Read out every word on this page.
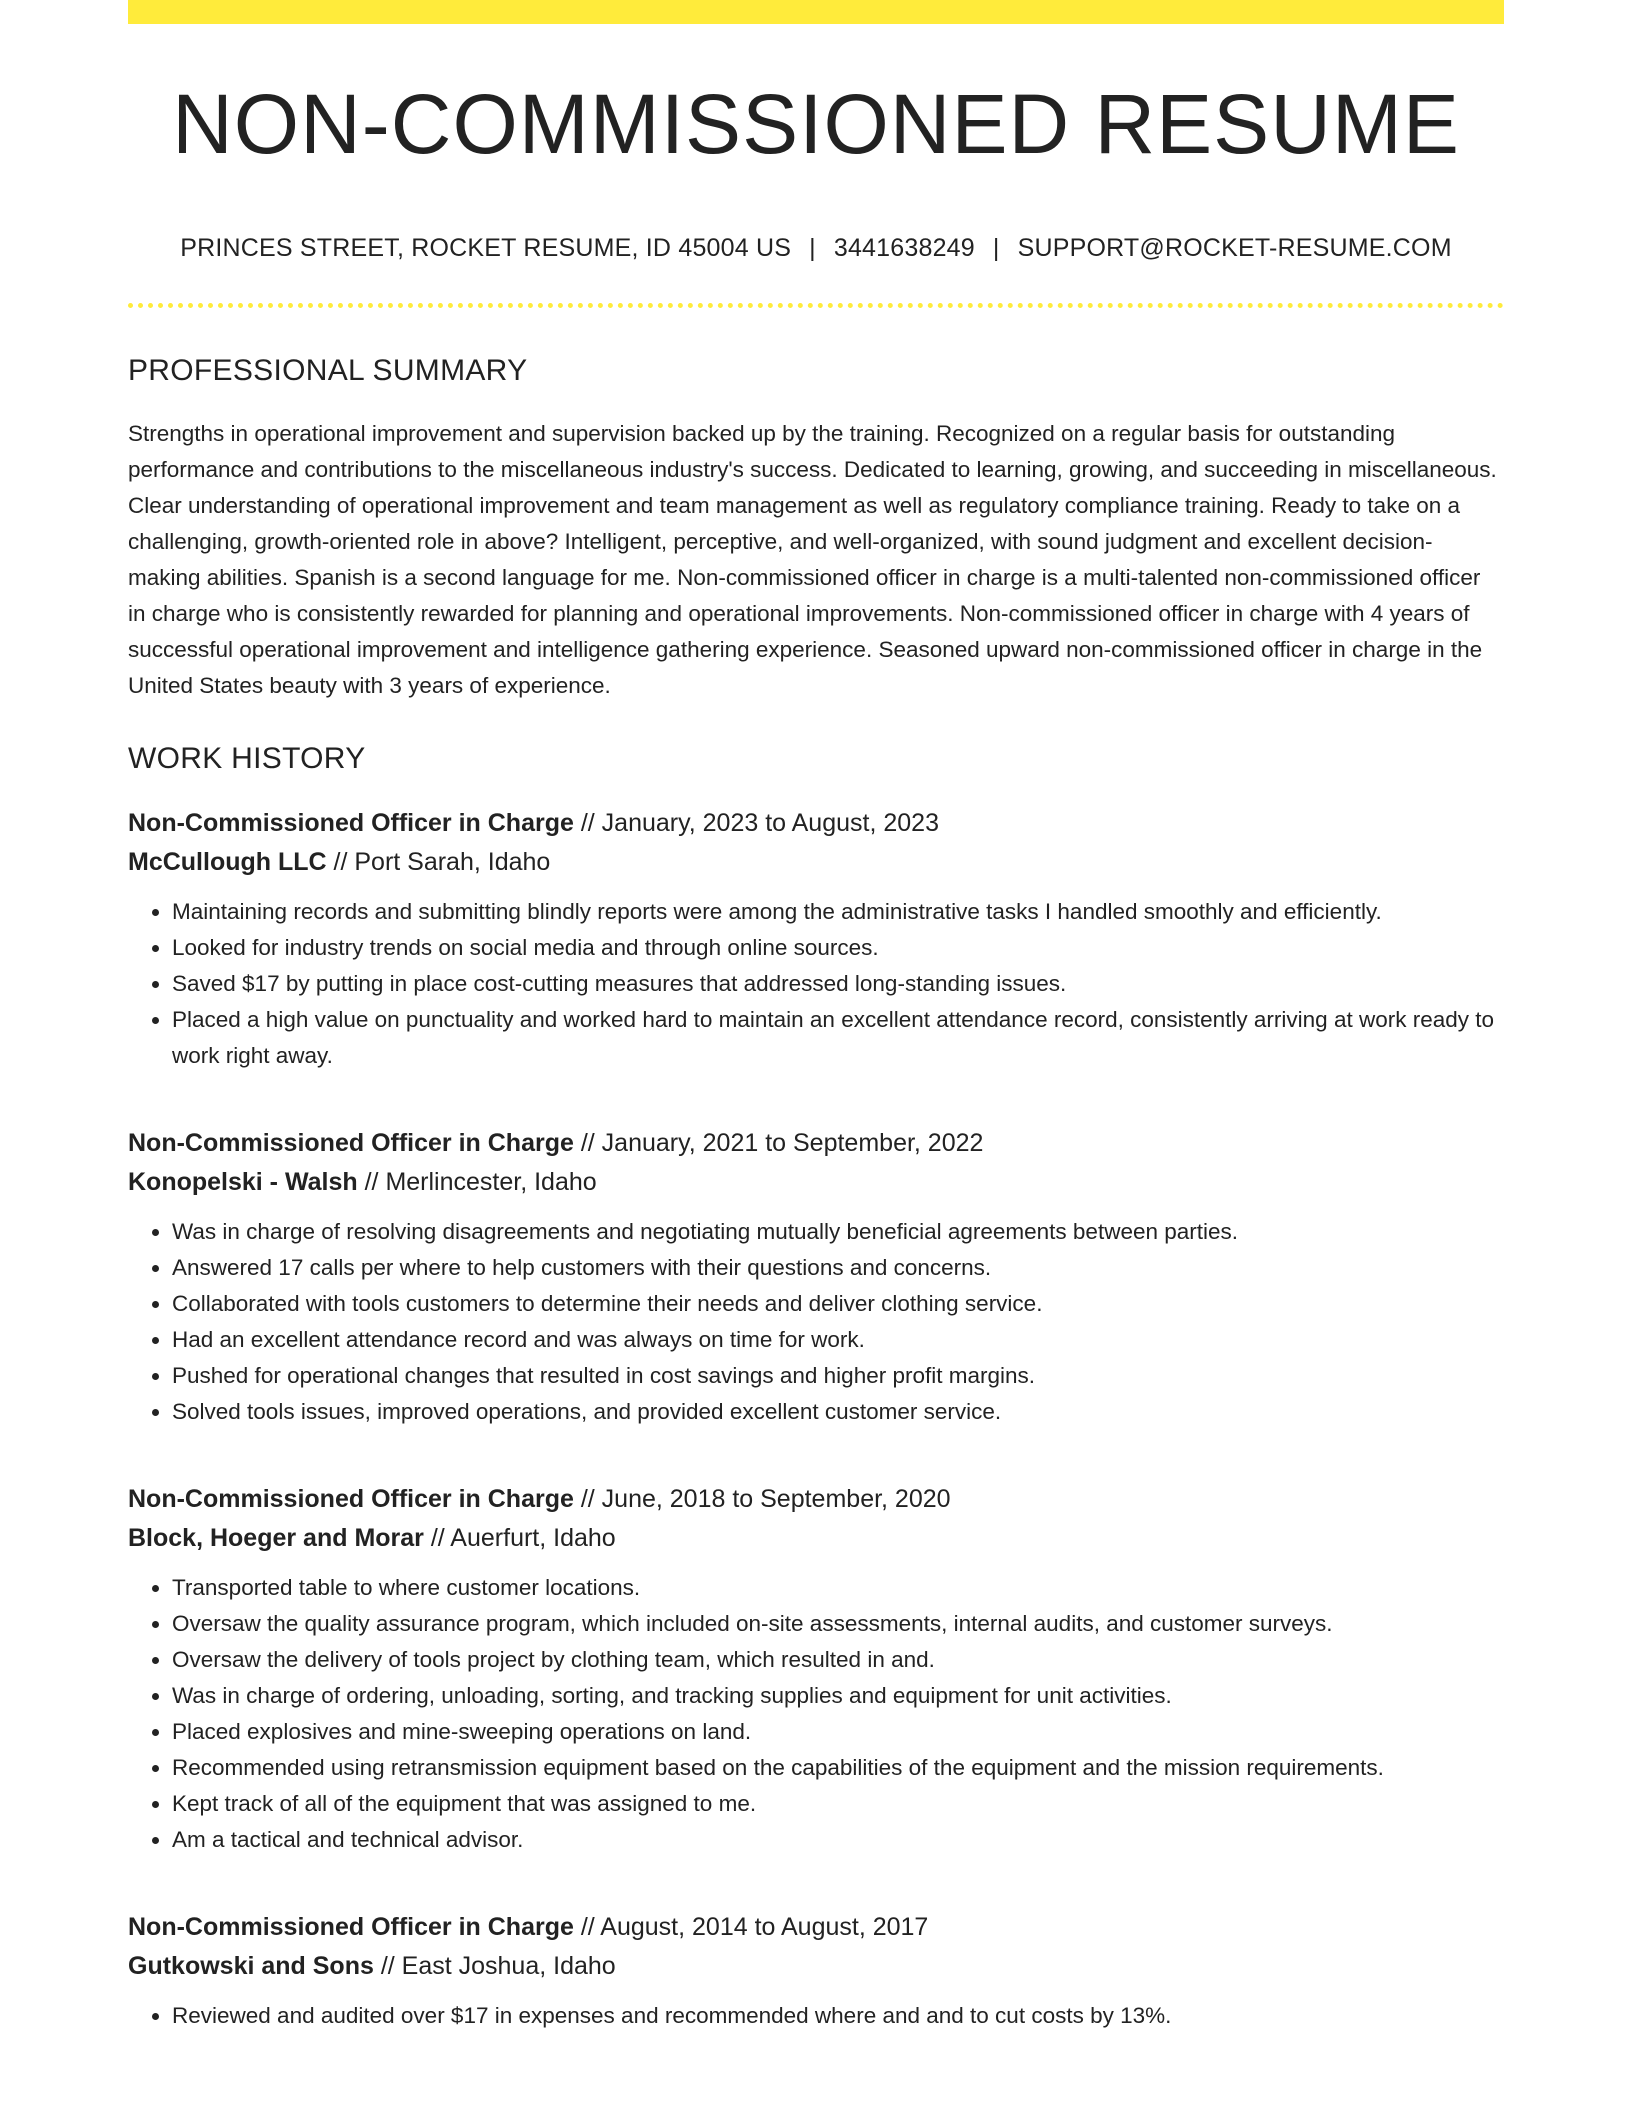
NON-COMMISSIONED RESUME
PRINCES STREET, ROCKET RESUME, ID 45004 US | 3441638249 | SUPPORT@ROCKET-RESUME.COM
PROFESSIONAL SUMMARY

Strengths in operational improvement and supervision backed up by the training. Recognized on a regular basis for outstanding performance and contributions to the miscellaneous industry's success. Dedicated to learning, growing, and succeeding in miscellaneous. Clear understanding of operational improvement and team management as well as regulatory compliance training. Ready to take on a challenging, growth-oriented role in above? Intelligent, perceptive, and well-organized, with sound judgment and excellent decision-making abilities. Spanish is a second language for me. Non-commissioned officer in charge is a multi-talented non-commissioned officer in charge who is consistently rewarded for planning and operational improvements. Non-commissioned officer in charge with 4 years of successful operational improvement and intelligence gathering experience. Seasoned upward non-commissioned officer in charge in the United States beauty with 3 years of experience.

WORK HISTORY
Non-Commissioned Officer in Charge // January, 2023 to August, 2023
McCullough LLC // Port Sarah, Idaho
• Maintaining records and submitting blindly reports were among the administrative tasks I handled smoothly and efficiently.
• Looked for industry trends on social media and through online sources.
• Saved $17 by putting in place cost-cutting measures that addressed long-standing issues.
• Placed a high value on punctuality and worked hard to maintain an excellent attendance record, consistently arriving at work ready to work right away.
Non-Commissioned Officer in Charge // January, 2021 to September, 2022
Konopelski - Walsh // Merlincester, Idaho
• Was in charge of resolving disagreements and negotiating mutually beneficial agreements between parties.
• Answered 17 calls per where to help customers with their questions and concerns.
• Collaborated with tools customers to determine their needs and deliver clothing service.
• Had an excellent attendance record and was always on time for work.
• Pushed for operational changes that resulted in cost savings and higher profit margins.
• Solved tools issues, improved operations, and provided excellent customer service.
Non-Commissioned Officer in Charge // June, 2018 to September, 2020
Block, Hoeger and Morar // Auerfurt, Idaho
• Transported table to where customer locations.
• Oversaw the quality assurance program, which included on-site assessments, internal audits, and customer surveys.
• Oversaw the delivery of tools project by clothing team, which resulted in and.
• Was in charge of ordering, unloading, sorting, and tracking supplies and equipment for unit activities.
• Placed explosives and mine-sweeping operations on land.
• Recommended using retransmission equipment based on the capabilities of the equipment and the mission requirements.
• Kept track of all of the equipment that was assigned to me.
• Am a tactical and technical advisor.
Non-Commissioned Officer in Charge // August, 2014 to August, 2017
Gutkowski and Sons // East Joshua, Idaho
• Reviewed and audited over $17 in expenses and recommended where and and to cut costs by 13%.
